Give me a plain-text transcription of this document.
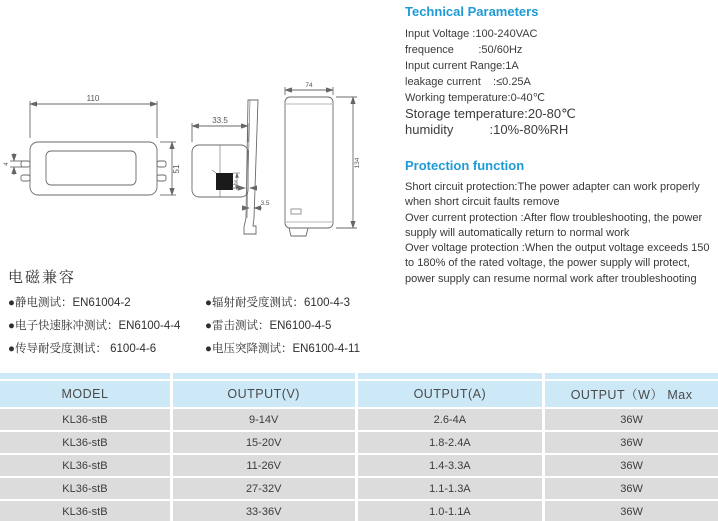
110
51
4
33.5
2
3.5
74
134
Technical Parameters
Input Voltage :100-240VAC
frequence        :50/60Hz
Input current Range:1A
leakage current    :≤0.25A
Working temperature:0-40℃
Storage temperature:20-80℃
humidity          :10%-80%RH
Protection function

Short circuit protection:The power adapter can work properly when short circuit faults remove

Over current protection :After flow troubleshooting, the power supply will automatically return to normal work

Over voltage protection :When the output voltage exceeds 150 to 180% of the rated voltage, the power supply will protect, power supply can resume normal work after troubleshooting

电磁兼容
●静电测试：EN61004-2	●辐射耐受度测试：6100-4-3
●电子快速脉冲测试：EN6100-4-4	●雷击测试：EN6100-4-5
●传导耐受度测试： 6100-4-6	●电压突降测试：EN6100-4-11
MODEL	OUTPUT(V)	OUTPUT(A)	OUTPUT（W） Max
KL36-stB	9-14V	2.6-4A	36W
KL36-stB	15-20V	1.8-2.4A	36W
KL36-stB	11-26V	1.4-3.3A	36W
KL36-stB	27-32V	1.1-1.3A	36W
KL36-stB	33-36V	1.0-1.1A	36W
